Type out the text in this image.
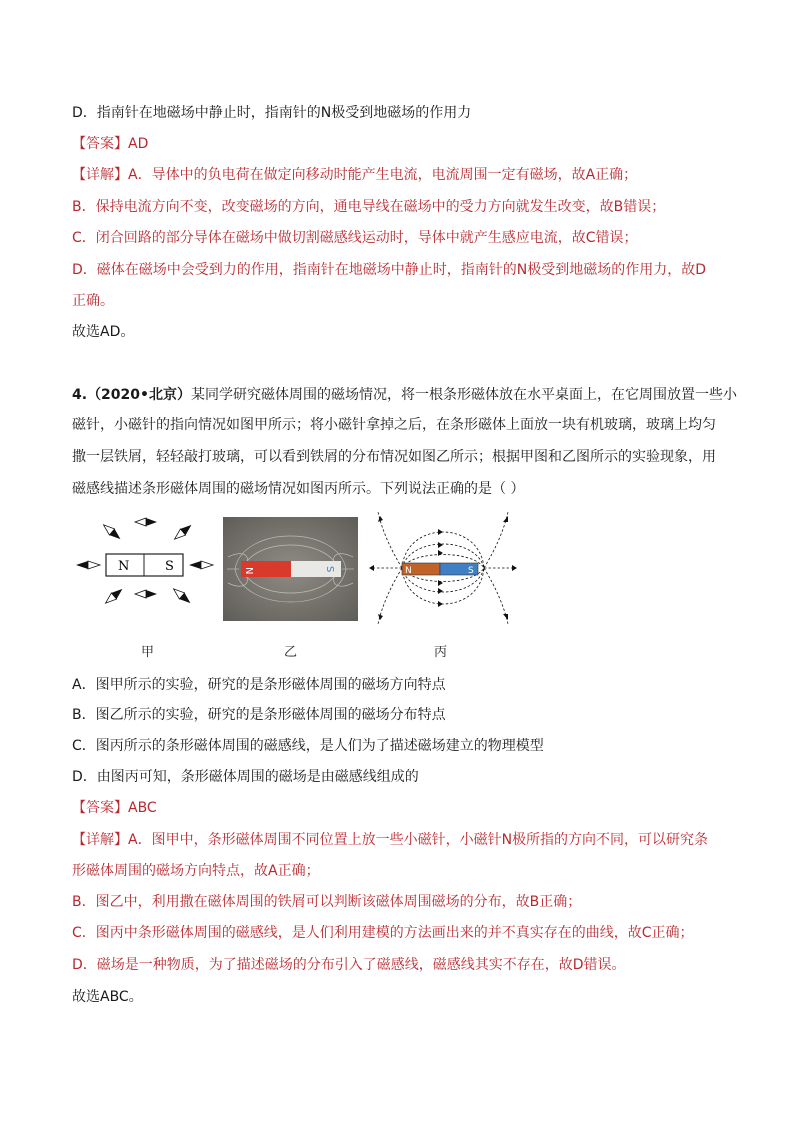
D．指南针在地磁场中静止时，指南针的N极受到地磁场的作用力
【答案】AD
【详解】A．导体中的负电荷在做定向移动时能产生电流，电流周围一定有磁场，故A正确；
B．保持电流方向不变，改变磁场的方向，通电导线在磁场中的受力方向就发生改变，故B错误；
C．闭合回路的部分导体在磁场中做切割磁感线运动时，导体中就产生感应电流，故C错误；
D．磁体在磁场中会受到力的作用，指南针在地磁场中静止时，指南针的N极受到地磁场的作用力，故D
正确。
故选AD。
4.（2020•北京）某同学研究磁体周围的磁场情况，将一根条形磁体放在水平桌面上，在它周围放置一些小
磁针，小磁针的指向情况如图甲所示；将小磁针拿掉之后，在条形磁体上面放一块有机玻璃，玻璃上均匀
撒一层铁屑，轻轻敲打玻璃，可以看到铁屑的分布情况如图乙所示；根据甲图和乙图所示的实验现象，用
磁感线描述条形磁体周围的磁场情况如图丙所示。下列说法正确的是（ ）
N	S	N	S	N	S
甲	乙	丙
A．图甲所示的实验，研究的是条形磁体周围的磁场方向特点
B．图乙所示的实验，研究的是条形磁体周围的磁场分布特点
C．图丙所示的条形磁体周围的磁感线，是人们为了描述磁场建立的物理模型
D．由图丙可知，条形磁体周围的磁场是由磁感线组成的
【答案】ABC
【详解】A．图甲中，条形磁体周围不同位置上放一些小磁针，小磁针N极所指的方向不同，可以研究条
形磁体周围的磁场方向特点，故A正确；
B．图乙中，利用撒在磁体周围的铁屑可以判断该磁体周围磁场的分布，故B正确；
C．图丙中条形磁体周围的磁感线，是人们利用建模的方法画出来的并不真实存在的曲线，故C正确；
D．磁场是一种物质，为了描述磁场的分布引入了磁感线，磁感线其实不存在，故D错误。
故选ABC。
